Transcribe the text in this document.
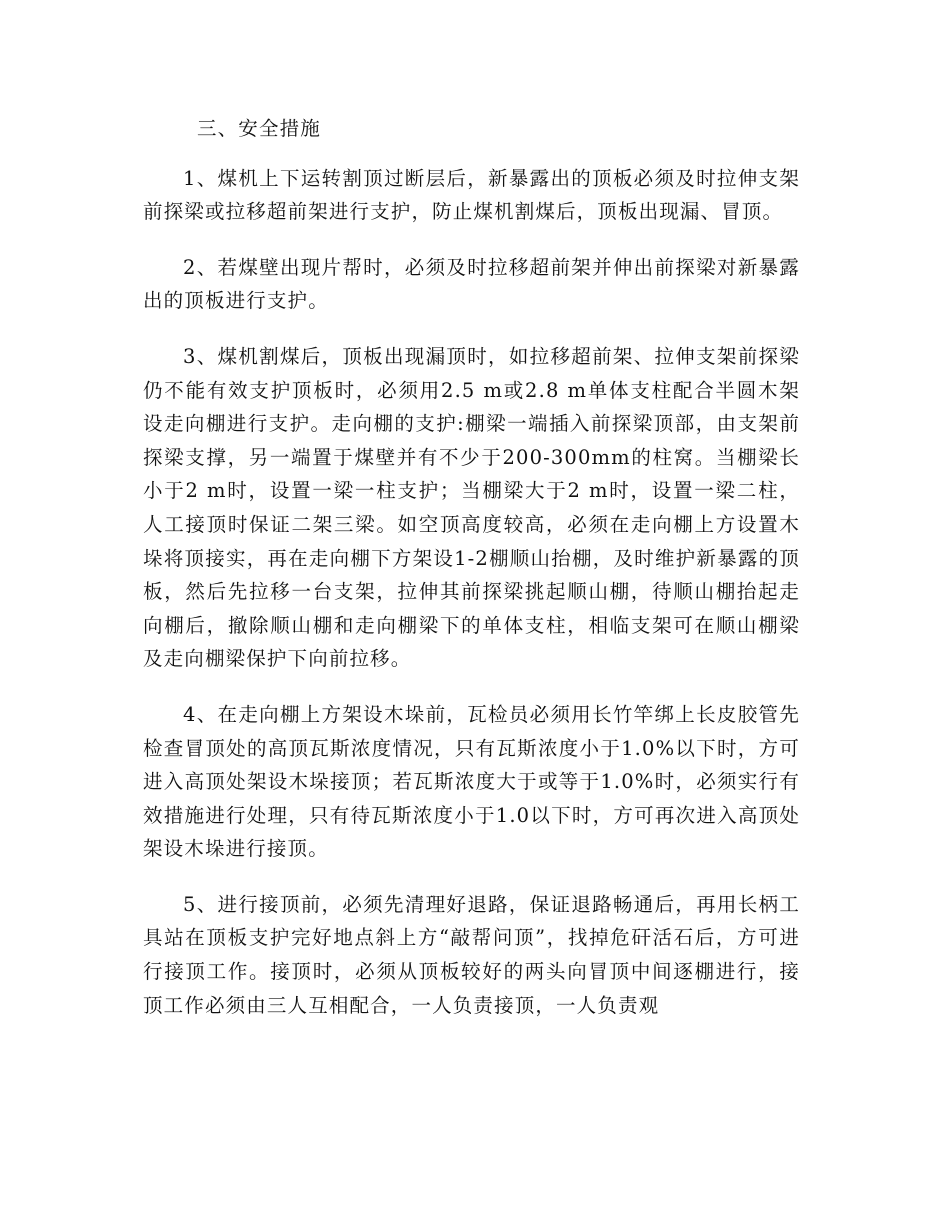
三、安全措施

1、煤机上下运转割顶过断层后，新暴露出的顶板必须及时拉伸支架前探梁或拉移超前架进行支护，防止煤机割煤后，顶板出现漏、冒顶。

2、若煤壁出现片帮时，必须及时拉移超前架并伸出前探梁对新暴露出的顶板进行支护。

3、煤机割煤后，顶板出现漏顶时，如拉移超前架、拉伸支架前探梁仍不能有效支护顶板时，必须用2.5 m或2.8 m单体支柱配合半圆木架设走向棚进行支护。走向棚的支护:棚梁一端插入前探梁顶部，由支架前探梁支撑，另一端置于煤壁并有不少于200-300mm的柱窝。当棚梁长小于2 m时，设置一梁一柱支护；当棚梁大于2 m时，设置一梁二柱，人工接顶时保证二架三梁。如空顶高度较高，必须在走向棚上方设置木垛将顶接实，再在走向棚下方架设1-2棚顺山抬棚，及时维护新暴露的顶板，然后先拉移一台支架，拉伸其前探梁挑起顺山棚，待顺山棚抬起走向棚后，撤除顺山棚和走向棚梁下的单体支柱，相临支架可在顺山棚梁及走向棚梁保护下向前拉移。

4、在走向棚上方架设木垛前，瓦检员必须用长竹竿绑上长皮胶管先检查冒顶处的高顶瓦斯浓度情况，只有瓦斯浓度小于1.0%以下时，方可进入高顶处架设木垛接顶；若瓦斯浓度大于或等于1.0%时，必须实行有效措施进行处理，只有待瓦斯浓度小于1.0以下时，方可再次进入高顶处架设木垛进行接顶。

5、进行接顶前，必须先清理好退路，保证退路畅通后，再用长柄工具站在顶板支护完好地点斜上方“敲帮问顶”，找掉危矸活石后，方可进行接顶工作。接顶时，必须从顶板较好的两头向冒顶中间逐棚进行，接顶工作必须由三人互相配合，一人负责接顶，一人负责观
